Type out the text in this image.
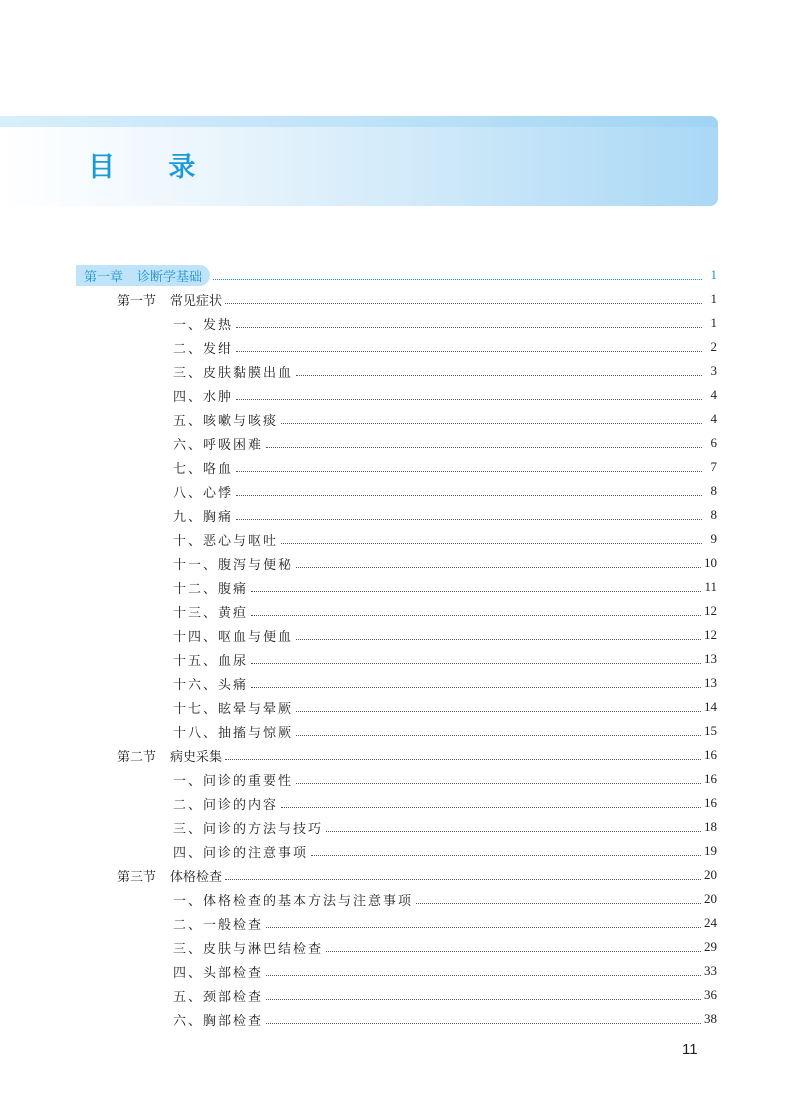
目 录
第一章 诊断学基础	1
第一节 常见症状	1
一、发热	1
二、发绀	2
三、皮肤黏膜出血	3
四、水肿	4
五、咳嗽与咳痰	4
六、呼吸困难	6
七、咯血	7
八、心悸	8
九、胸痛	8
十、恶心与呕吐	9
十一、腹泻与便秘	10
十二、腹痛	11
十三、黄疸	12
十四、呕血与便血	12
十五、血尿	13
十六、头痛	13
十七、眩晕与晕厥	14
十八、抽搐与惊厥	15
第二节 病史采集	16
一、问诊的重要性	16
二、问诊的内容	16
三、问诊的方法与技巧	18
四、问诊的注意事项	19
第三节 体格检查	20
一、体格检查的基本方法与注意事项	20
二、一般检查	24
三、皮肤与淋巴结检查	29
四、头部检查	33
五、颈部检查	36
六、胸部检查	38
11
